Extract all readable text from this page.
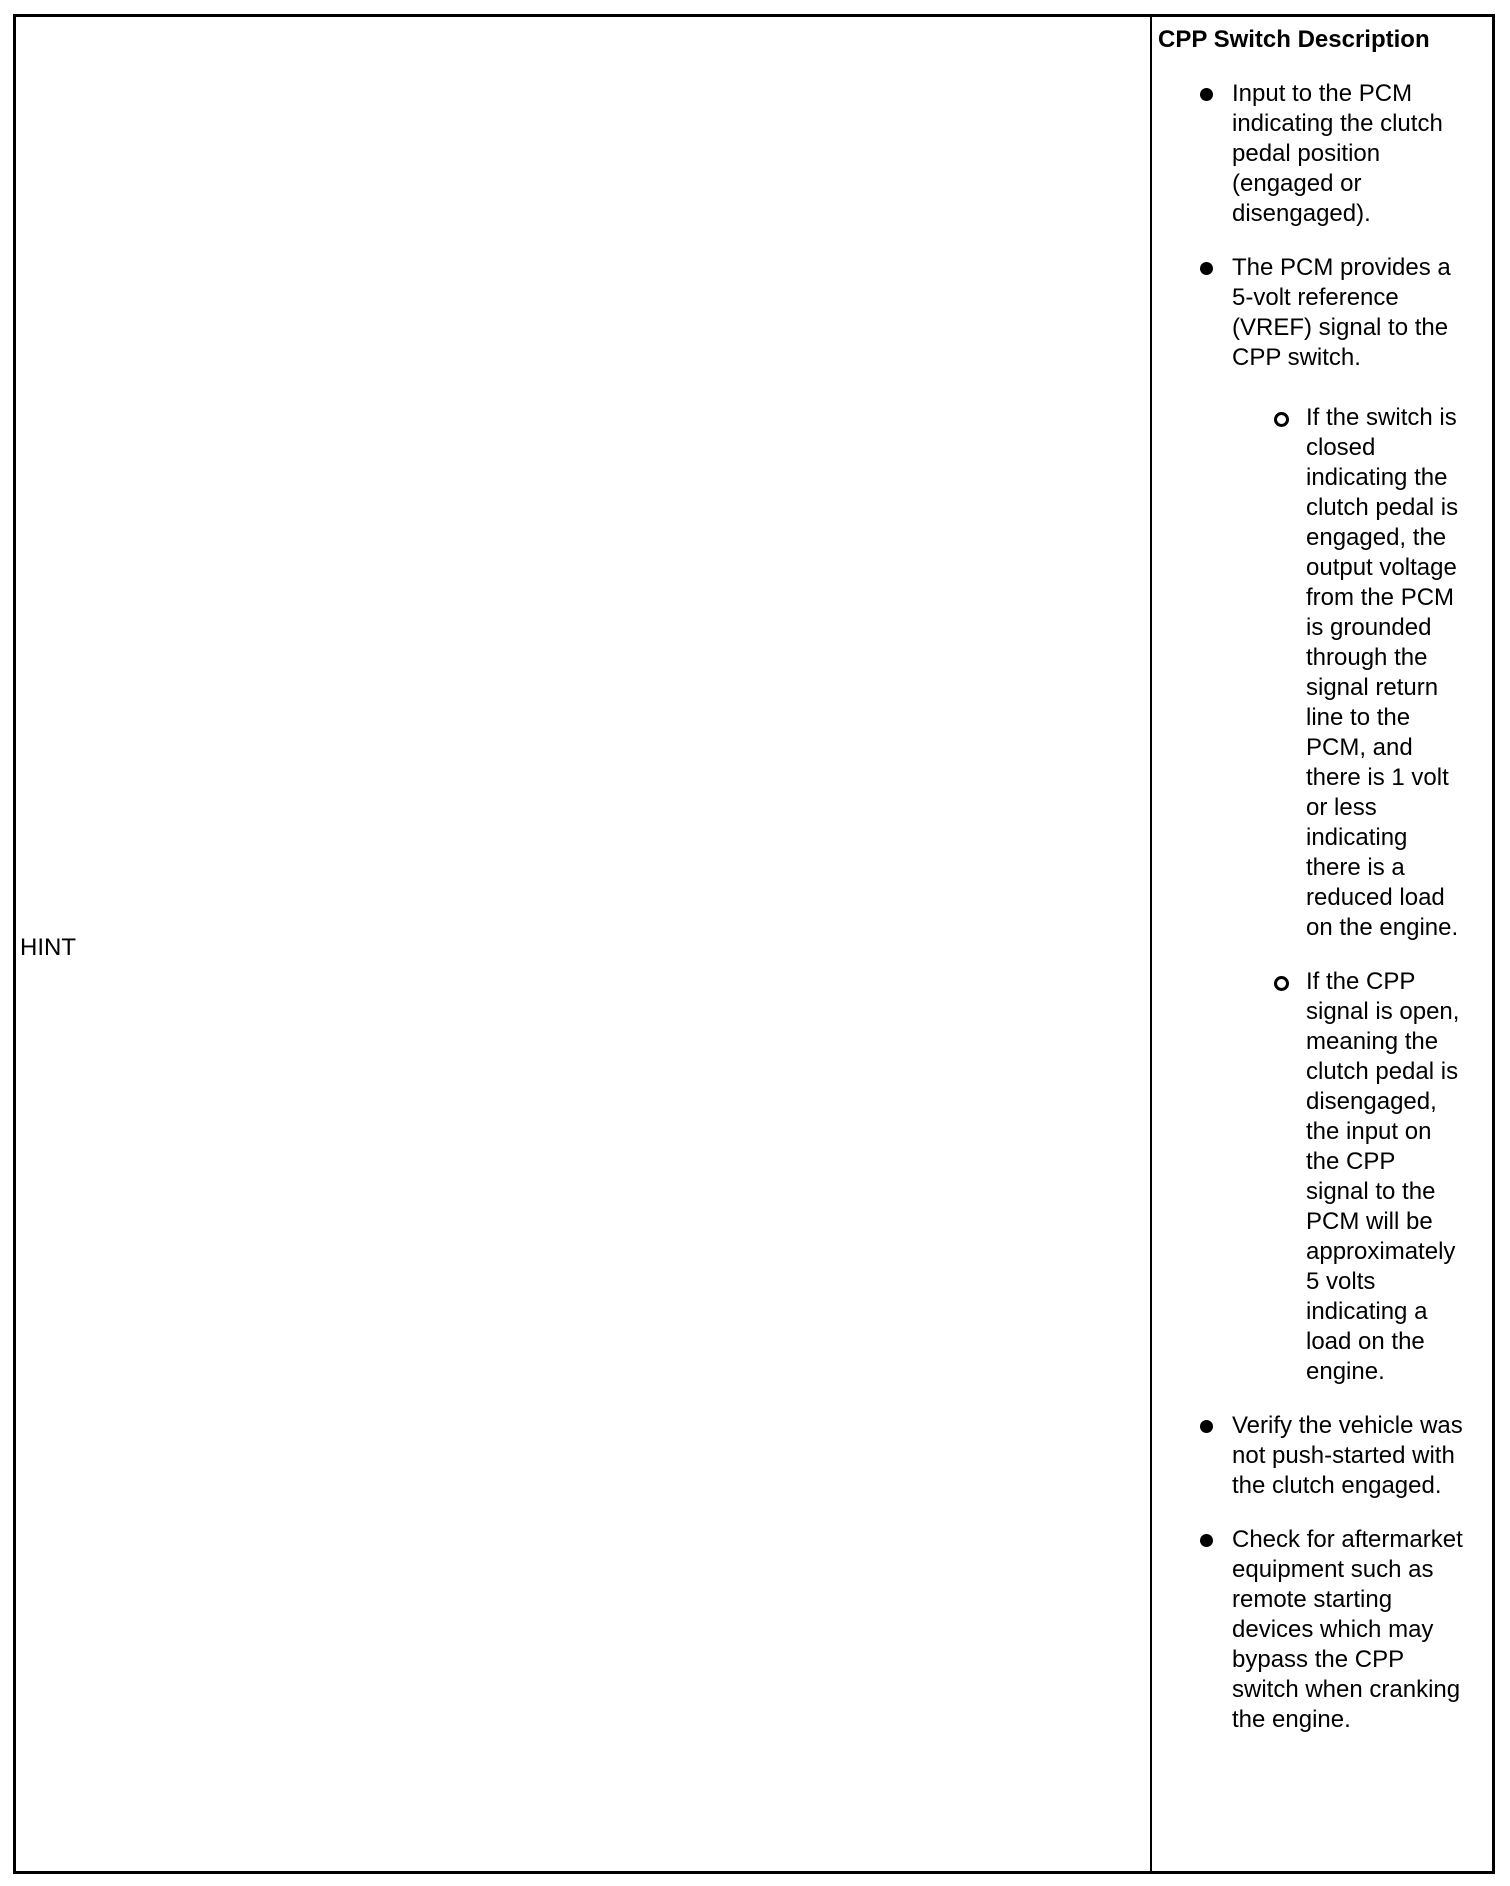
HINT
CPP Switch Description
Input to the PCM indicating the clutch pedal position (engaged or disengaged).
The PCM provides a 5-volt reference (VREF) signal to the CPP switch.
If the switch is closed indicating the clutch pedal is engaged, the output voltage from the PCM is grounded through the signal return line to the PCM, and there is 1 volt or less indicating there is a reduced load on the engine.
If the CPP signal is open, meaning the clutch pedal is disengaged, the input on the CPP signal to the PCM will be approximately 5 volts indicating a load on the engine.
Verify the vehicle was not push-started with the clutch engaged.
Check for aftermarket equipment such as remote starting devices which may bypass the CPP switch when cranking the engine.
